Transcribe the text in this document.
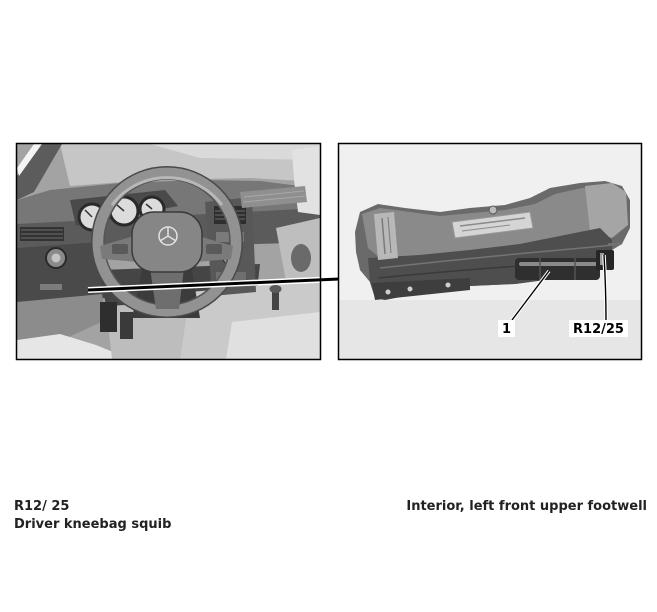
1	R12/25
R12/ 25
Driver kneebag squib
Interior, left front upper footwell
